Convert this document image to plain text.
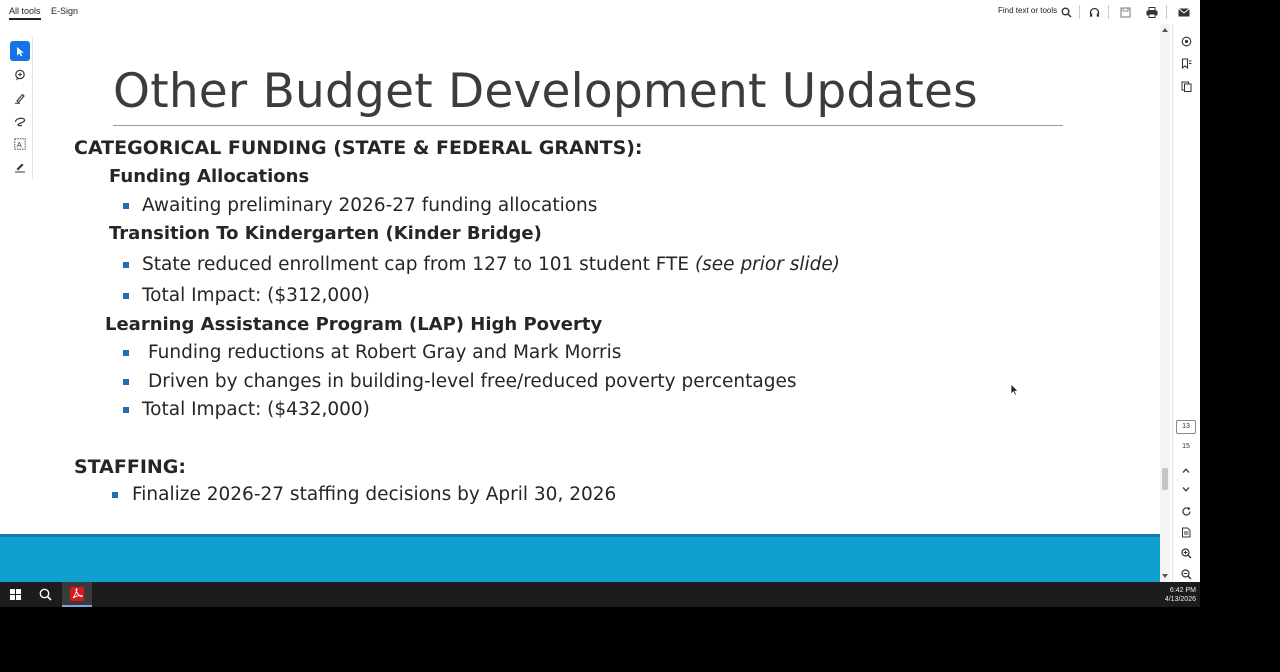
All tools E-Sign	Find text or tools
Other Budget Development Updates
CATEGORICAL FUNDING (STATE & FEDERAL GRANTS):
Funding Allocations
Awaiting preliminary 2026-27 funding allocations
Transition To Kindergarten (Kinder Bridge)
State reduced enrollment cap from 127 to 101 student FTE (see prior slide)
Total Impact: ($312,000)
Learning Assistance Program (LAP) High Poverty
Funding reductions at Robert Gray and Mark Morris
Driven by changes in building-level free/reduced poverty percentages
Total Impact: ($432,000)
STAFFING:
Finalize 2026-27 staffing decisions by April 30, 2026
A
13
15
6:42 PM
4/13/2026
